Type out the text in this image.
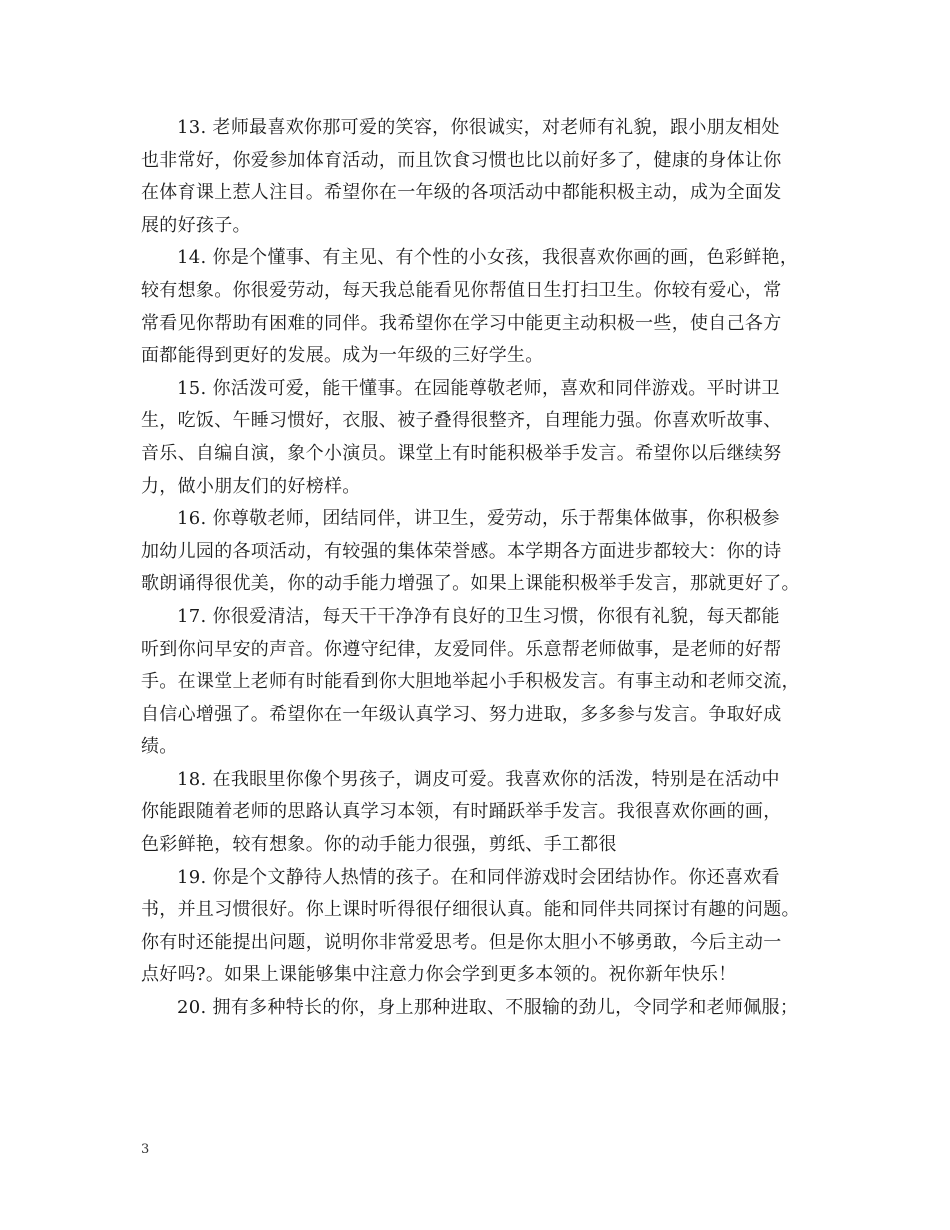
13. 老师最喜欢你那可爱的笑容，你很诚实，对老师有礼貌，跟小朋友相处
也非常好，你爱参加体育活动，而且饮食习惯也比以前好多了，健康的身体让你
在体育课上惹人注目。希望你在一年级的各项活动中都能积极主动，成为全面发
展的好孩子。

14. 你是个懂事、有主见、有个性的小女孩，我很喜欢你画的画，色彩鲜艳，
较有想象。你很爱劳动，每天我总能看见你帮值日生打扫卫生。你较有爱心，常
常看见你帮助有困难的同伴。我希望你在学习中能更主动积极一些，使自己各方
面都能得到更好的发展。成为一年级的三好学生。

15. 你活泼可爱，能干懂事。在园能尊敬老师，喜欢和同伴游戏。平时讲卫
生，吃饭、午睡习惯好，衣服、被子叠得很整齐，自理能力强。你喜欢听故事、
音乐、自编自演，象个小演员。课堂上有时能积极举手发言。希望你以后继续努
力，做小朋友们的好榜样。

16. 你尊敬老师，团结同伴，讲卫生，爱劳动，乐于帮集体做事，你积极参
加幼儿园的各项活动，有较强的集体荣誉感。本学期各方面进步都较大：你的诗
歌朗诵得很优美，你的动手能力增强了。如果上课能积极举手发言，那就更好了。

17. 你很爱清洁，每天干干净净有良好的卫生习惯，你很有礼貌，每天都能
听到你问早安的声音。你遵守纪律，友爱同伴。乐意帮老师做事，是老师的好帮
手。在课堂上老师有时能看到你大胆地举起小手积极发言。有事主动和老师交流，
自信心增强了。希望你在一年级认真学习、努力进取，多多参与发言。争取好成
绩。

18. 在我眼里你像个男孩子，调皮可爱。我喜欢你的活泼，特别是在活动中
你能跟随着老师的思路认真学习本领，有时踊跃举手发言。我很喜欢你画的画，
色彩鲜艳，较有想象。你的动手能力很强，剪纸、手工都很

19. 你是个文静待人热情的孩子。在和同伴游戏时会团结协作。你还喜欢看
书，并且习惯很好。你上课时听得很仔细很认真。能和同伴共同探讨有趣的问题。
你有时还能提出问题，说明你非常爱思考。但是你太胆小不够勇敢，今后主动一
点好吗?。如果上课能够集中注意力你会学到更多本领的。祝你新年快乐！

20. 拥有多种特长的你，身上那种进取、不服输的劲儿，令同学和老师佩服；

3
